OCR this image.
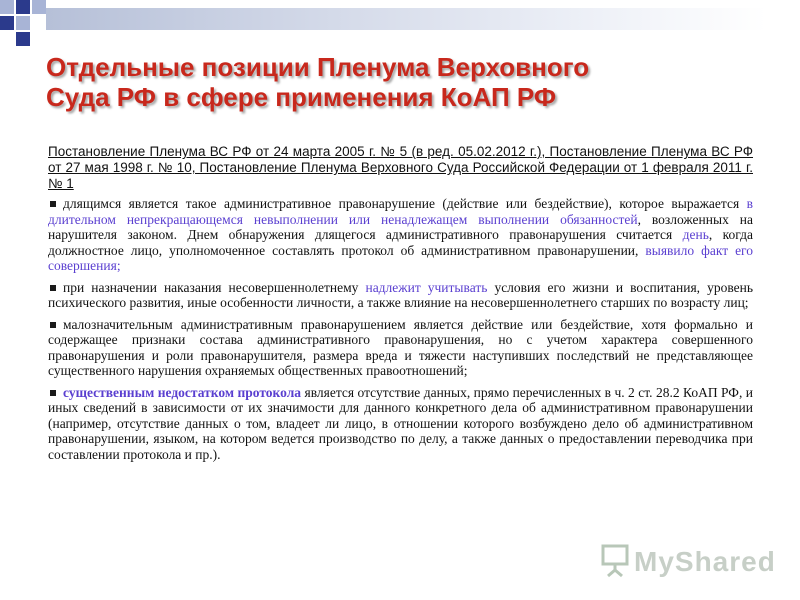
Отдельные позиции Пленума Верховного
Суда РФ в сфере применения КоАП РФ

Постановление Пленума ВС РФ от 24 марта 2005 г. № 5 (в ред. 05.02.2012 г.), Постановление Пленума ВС РФ от 27 мая 1998 г. № 10, Постановление Пленума Верховного Суда Российской Федерации от 1 февраля 2011 г. № 1

длящимся является такое административное правонарушение (действие или бездействие), которое выражается в длительном непрекращающемся невыполнении или ненадлежащем выполнении обязанностей, возложенных на нарушителя законом. Днем обнаружения длящегося административного правонарушения считается день, когда должностное лицо, уполномоченное составлять протокол об административном правонарушении, выявило факт его совершения;
при назначении наказания несовершеннолетнему надлежит учитывать условия его жизни и воспитания, уровень психического развития, иные особенности личности, а также влияние на несовершеннолетнего старших по возрасту лиц;
малозначительным административным правонарушением является действие или бездействие, хотя формально и содержащее признаки состава административного правонарушения, но с учетом характера совершенного правонарушения и роли правонарушителя, размера вреда и тяжести наступивших последствий не представляющее существенного нарушения охраняемых общественных правоотношений;
существенным недостатком протокола является отсутствие данных, прямо перечисленных в ч. 2 ст. 28.2 КоАП РФ, и иных сведений в зависимости от их значимости для данного конкретного дела об административном правонарушении (например, отсутствие данных о том, владеет ли лицо, в отношении которого возбуждено дело об административном правонарушении, языком, на котором ведется производство по делу, а также данных о предоставлении переводчика при составлении протокола и пр.).
MyShared
